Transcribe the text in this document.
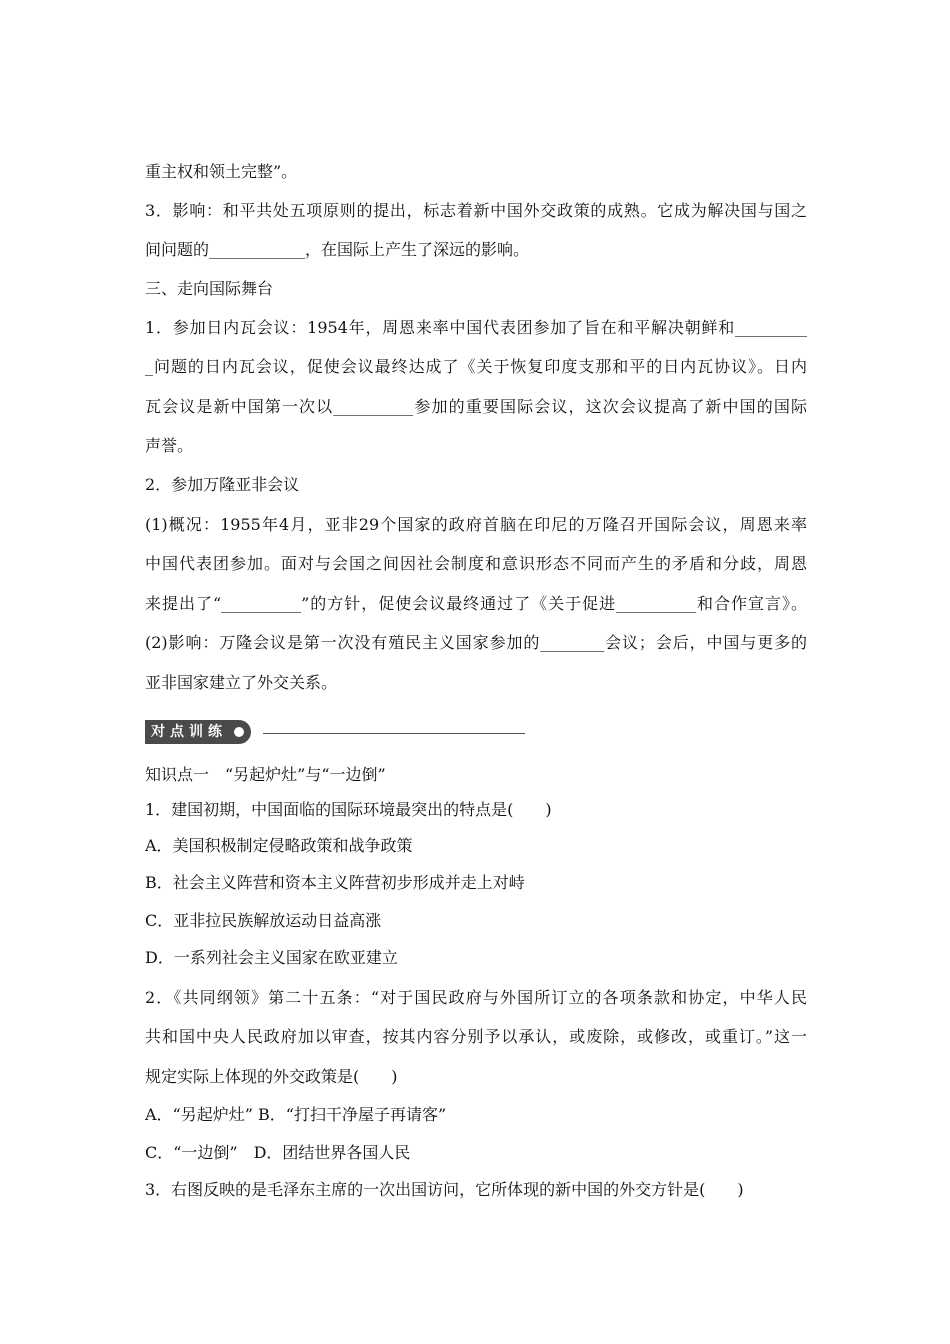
重主权和领土完整”。
3．影响：和平共处五项原则的提出，标志着新中国外交政策的成熟。它成为解决国与国之
间问题的____________，在国际上产生了深远的影响。
三、走向国际舞台
1．参加日内瓦会议：1954年，周恩来率中国代表团参加了旨在和平解决朝鲜和_________
_问题的日内瓦会议，促使会议最终达成了《关于恢复印度支那和平的日内瓦协议》。日内
瓦会议是新中国第一次以__________参加的重要国际会议，这次会议提高了新中国的国际
声誉。
2．参加万隆亚非会议
(1)概况：1955年4月，亚非29个国家的政府首脑在印尼的万隆召开国际会议，周恩来率
中国代表团参加。面对与会国之间因社会制度和意识形态不同而产生的矛盾和分歧，周恩
来提出了“__________”的方针，促使会议最终通过了《关于促进__________和合作宣言》。
(2)影响：万隆会议是第一次没有殖民主义国家参加的________会议；会后，中国与更多的
亚非国家建立了外交关系。
对点训练
知识点一　“另起炉灶”与“一边倒”
1．建国初期，中国面临的国际环境最突出的特点是(　　)
A．美国积极制定侵略政策和战争政策
B．社会主义阵营和资本主义阵营初步形成并走上对峙
C．亚非拉民族解放运动日益高涨
D．一系列社会主义国家在欧亚建立
2．《共同纲领》第二十五条：“对于国民政府与外国所订立的各项条款和协定，中华人民
共和国中央人民政府加以审查，按其内容分别予以承认，或废除，或修改，或重订。”这一
规定实际上体现的外交政策是(　　)
A．“另起炉灶” B．“打扫干净屋子再请客”
C．“一边倒”　D．团结世界各国人民
3．右图反映的是毛泽东主席的一次出国访问，它所体现的新中国的外交方针是(　　)
